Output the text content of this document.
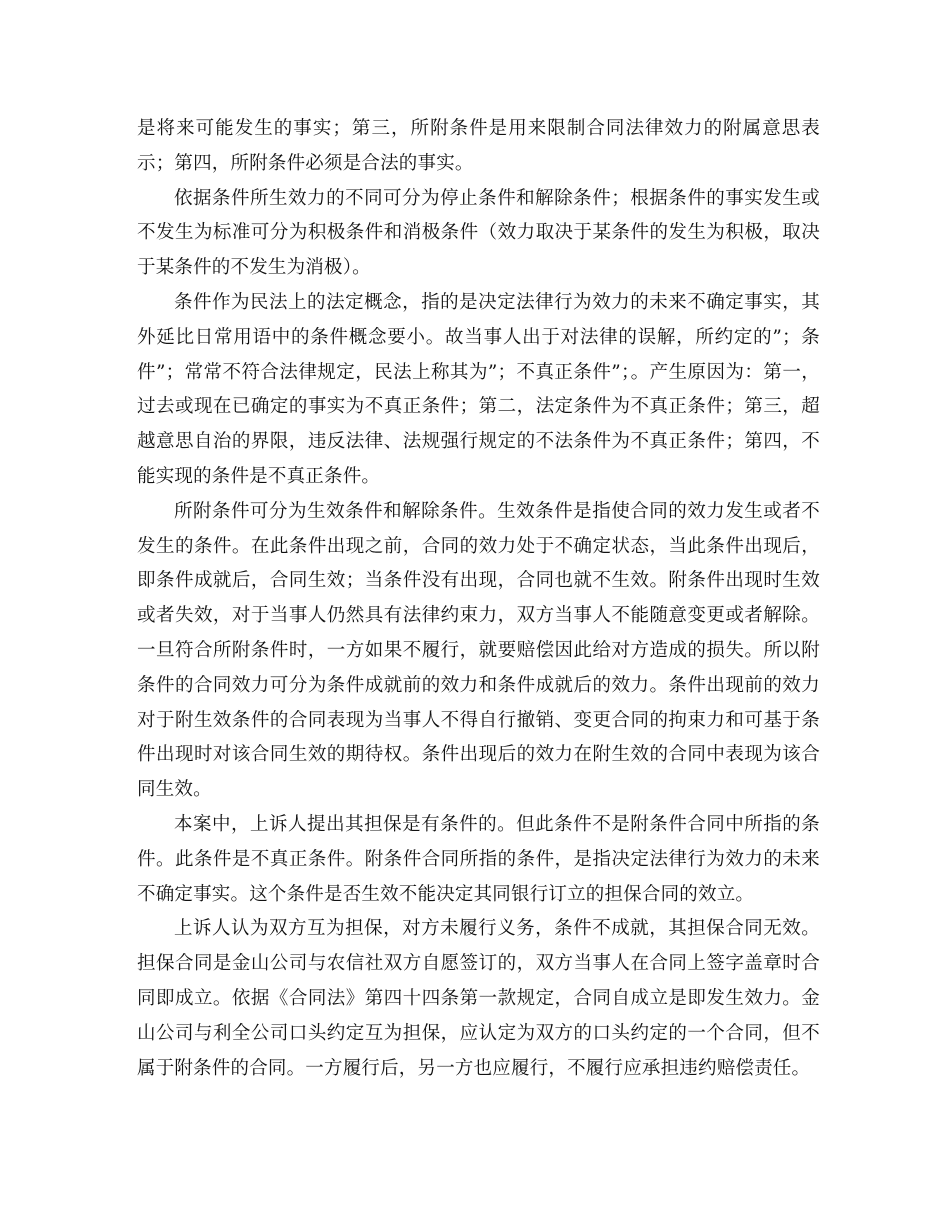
是将来可能发生的事实；第三，所附条件是用来限制合同法律效力的附属意思表示；第四，所附条件必须是合法的事实。

依据条件所生效力的不同可分为停止条件和解除条件；根据条件的事实发生或不发生为标准可分为积极条件和消极条件（效力取决于某条件的发生为积极，取决于某条件的不发生为消极）。

条件作为民法上的法定概念，指的是决定法律行为效力的未来不确定事实，其外延比日常用语中的条件概念要小。故当事人出于对法律的误解，所约定的”；条件”；常常不符合法律规定，民法上称其为”；不真正条件”；。产生原因为：第一，过去或现在已确定的事实为不真正条件；第二，法定条件为不真正条件；第三，超越意思自治的界限，违反法律、法规强行规定的不法条件为不真正条件；第四，不能实现的条件是不真正条件。

所附条件可分为生效条件和解除条件。生效条件是指使合同的效力发生或者不发生的条件。在此条件出现之前，合同的效力处于不确定状态，当此条件出现后，即条件成就后，合同生效；当条件没有出现，合同也就不生效。附条件出现时生效或者失效，对于当事人仍然具有法律约束力，双方当事人不能随意变更或者解除。一旦符合所附条件时，一方如果不履行，就要赔偿因此给对方造成的损失。所以附条件的合同效力可分为条件成就前的效力和条件成就后的效力。条件出现前的效力对于附生效条件的合同表现为当事人不得自行撤销、变更合同的拘束力和可基于条件出现时对该合同生效的期待权。条件出现后的效力在附生效的合同中表现为该合同生效。

本案中，上诉人提出其担保是有条件的。但此条件不是附条件合同中所指的条件。此条件是不真正条件。附条件合同所指的条件，是指决定法律行为效力的未来不确定事实。这个条件是否生效不能决定其同银行订立的担保合同的效立。

上诉人认为双方互为担保，对方未履行义务，条件不成就，其担保合同无效。担保合同是金山公司与农信社双方自愿签订的，双方当事人在合同上签字盖章时合同即成立。依据《合同法》第四十四条第一款规定，合同自成立是即发生效力。金山公司与利全公司口头约定互为担保，应认定为双方的口头约定的一个合同，但不属于附条件的合同。一方履行后，另一方也应履行，不履行应承担违约赔偿责任。
